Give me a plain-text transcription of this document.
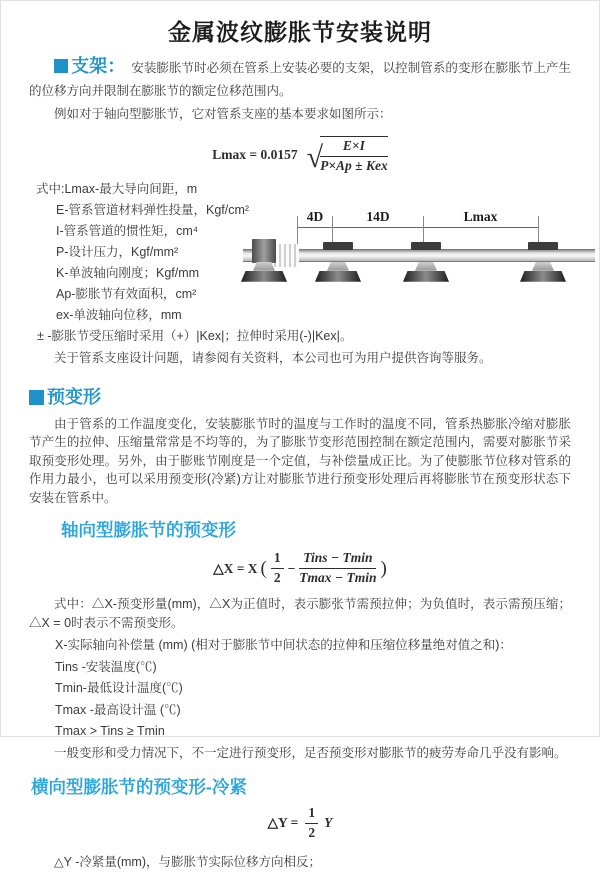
金属波纹膨胀节安装说明

支架： 安装膨胀节时必须在管系上安装必要的支架，以控制管系的变形在膨胀节上产生的位移方向并限制在膨胀节的额定位移范围内。

例如对于轴向型膨胀节，它对管系支座的基本要求如图所示：

Lmax = 0.0157 √
$\frac{E\times I}{\text{P×Ap ± Kex}}$
式中:Lmax-最大导向间距，m
E-管系管道材料弹性投量，Kgf/cm²
I-管系管道的惯性矩，cm⁴
P-设计压力，Kgf/mm²
K-单波轴向刚度；Kgf/mm
Ap-膨胀节有效面积，cm²
ex-单波轴向位移，mm
4D	14D	Lmax

± -膨胀节受压缩时采用（+）|Kex|；拉伸时采用(-)|Kex|。

关于管系支座设计问题，请参阅有关资料，本公司也可为用户提供咨询等服务。

预变形

由于管系的工作温度变化，安装膨胀节时的温度与工作时的温度不同，管系热膨胀冷缩对膨胀节产生的拉伸、压缩量常常是不均等的，为了膨胀节变形范围控制在额定范围内，需要对膨胀节采取预变形处理。另外，由于膨账节刚度是一个定值，与补偿量成正比。为了使膨胀节位移对管系的作用力最小，也可以采用预变形(冷紧)方让对膨胀节进行预变形处理后再将膨胀节在预变形状态下安装在管系中。

轴向型膨胀节的预变形
△X = X ( $\frac{1}{2} - \frac{\text{Tins − Tmin}}{Tmax - Tmin}$ )

式中：△X-预变形量(mm)，△X为正值时，表示膨张节需预拉伸；为负值时，表示需预压缩；△X = 0时表示不需预变形。

X-实际轴向补偿量 (mm) (相对于膨胀节中间状态的拉伸和压缩位移量绝对值之和)：
Tins -安装温度(℃)
Tmin-最低设计温度(℃)
Tmax -最高设计温 (℃)
Tmax > Tins ≥ Tmin
一般变形和受力情况下，不一定进行预变形，足否预变形对膨胀节的疲劳寿命几乎没有影响。
横向型膨胀节的预变形-冷紧
△Y = $\frac{1}{2}$ Y

△Y -冷紧量(mm)，与膨胀节实际位移方向相反；
